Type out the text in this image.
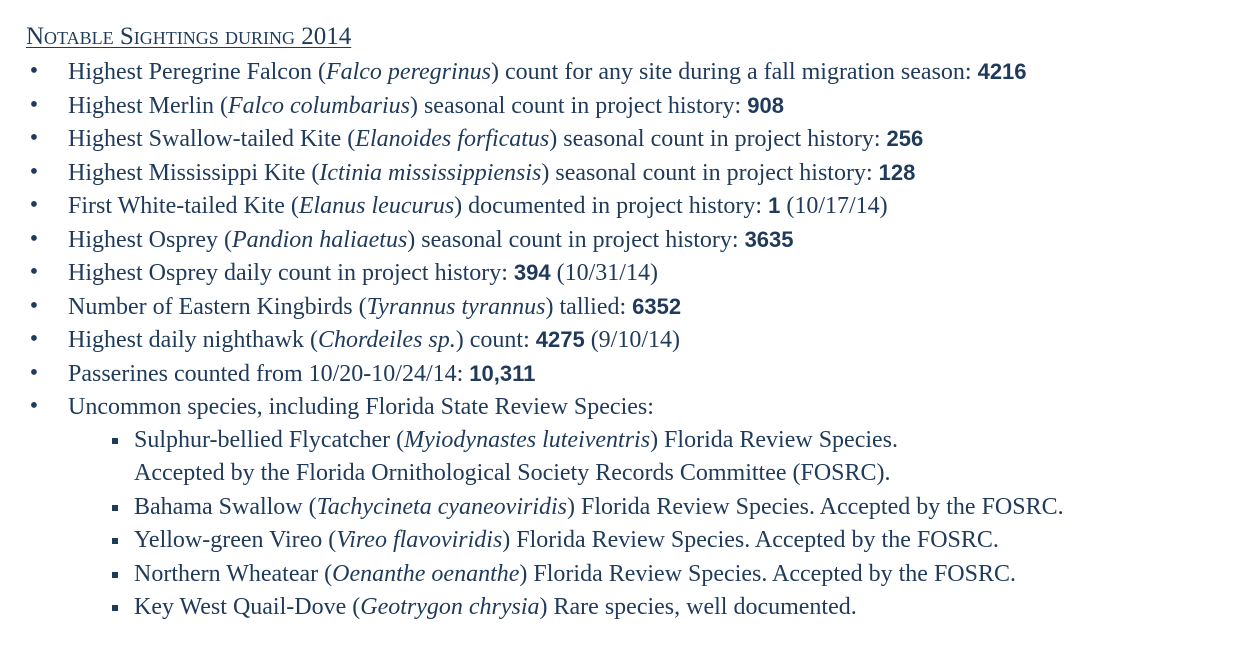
Notable Sightings during 2014
• Highest Peregrine Falcon (Falco peregrinus) count for any site during a fall migration season: 4216
• Highest Merlin (Falco columbarius) seasonal count in project history: 908
• Highest Swallow-tailed Kite (Elanoides forficatus) seasonal count in project history: 256
• Highest Mississippi Kite (Ictinia mississippiensis) seasonal count in project history: 128
• First White-tailed Kite (Elanus leucurus) documented in project history: 1 (10/17/14)
• Highest Osprey (Pandion haliaetus) seasonal count in project history: 3635
• Highest Osprey daily count in project history: 394 (10/31/14)
• Number of Eastern Kingbirds (Tyrannus tyrannus) tallied: 6352
• Highest daily nighthawk (Chordeiles sp.) count: 4275 (9/10/14)
• Passerines counted from 10/20-10/24/14: 10,311
• Uncommon species, including Florida State Review Species:
Sulphur-bellied Flycatcher (Myiodynastes luteiventris) Florida Review Species.
Accepted by the Florida Ornithological Society Records Committee (FOSRC).
Bahama Swallow (Tachycineta cyaneoviridis) Florida Review Species. Accepted by the FOSRC.
Yellow-green Vireo (Vireo flavoviridis) Florida Review Species. Accepted by the FOSRC.
Northern Wheatear (Oenanthe oenanthe) Florida Review Species. Accepted by the FOSRC.
Key West Quail-Dove (Geotrygon chrysia) Rare species, well documented.
